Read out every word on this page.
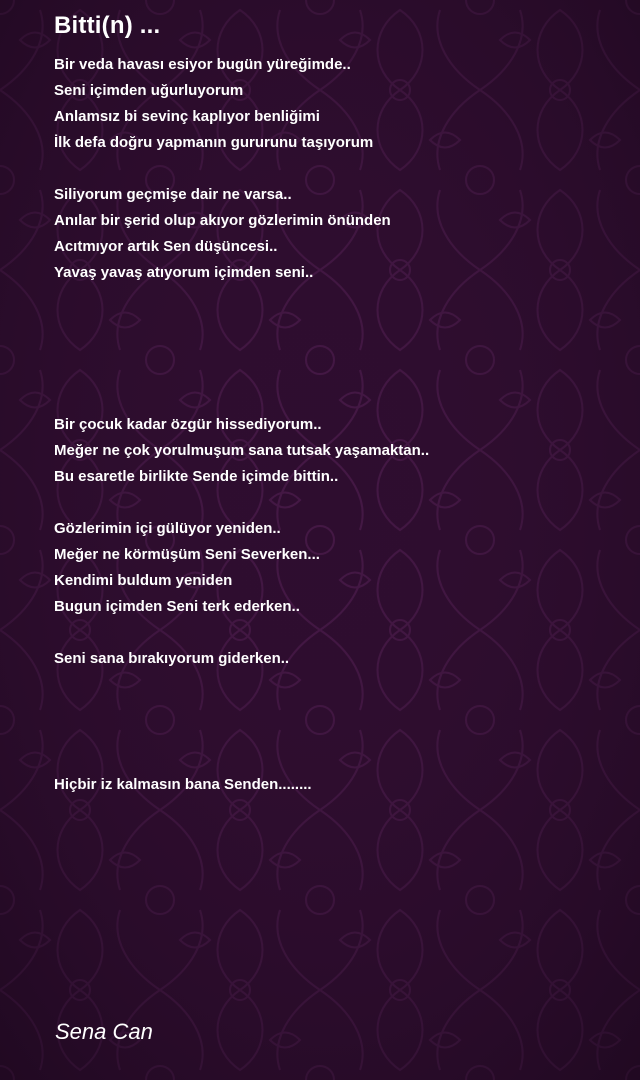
Bitti(n) ...

Bir veda havası esiyor bugün yüreğimde..

Seni içimden uğurluyorum

Anlamsız bi sevinç kaplıyor benliğimi

İlk defa doğru yapmanın gururunu taşıyorum

Siliyorum geçmişe dair ne varsa..

Anılar bir şerid olup akıyor gözlerimin önünden

Acıtmıyor artık Sen düşüncesi..

Yavaş yavaş atıyorum içimden seni..

Bir çocuk kadar özgür hissediyorum..

Meğer ne çok yorulmuşum sana tutsak yaşamaktan..

Bu esaretle birlikte Sende içimde bittin..

Gözlerimin içi gülüyor yeniden..

Meğer ne körmüşüm Seni Severken...

Kendimi buldum yeniden

Bugun içimden Seni terk ederken..

Seni sana bırakıyorum giderken..

Hiçbir iz kalmasın bana Senden........

Sena Can
